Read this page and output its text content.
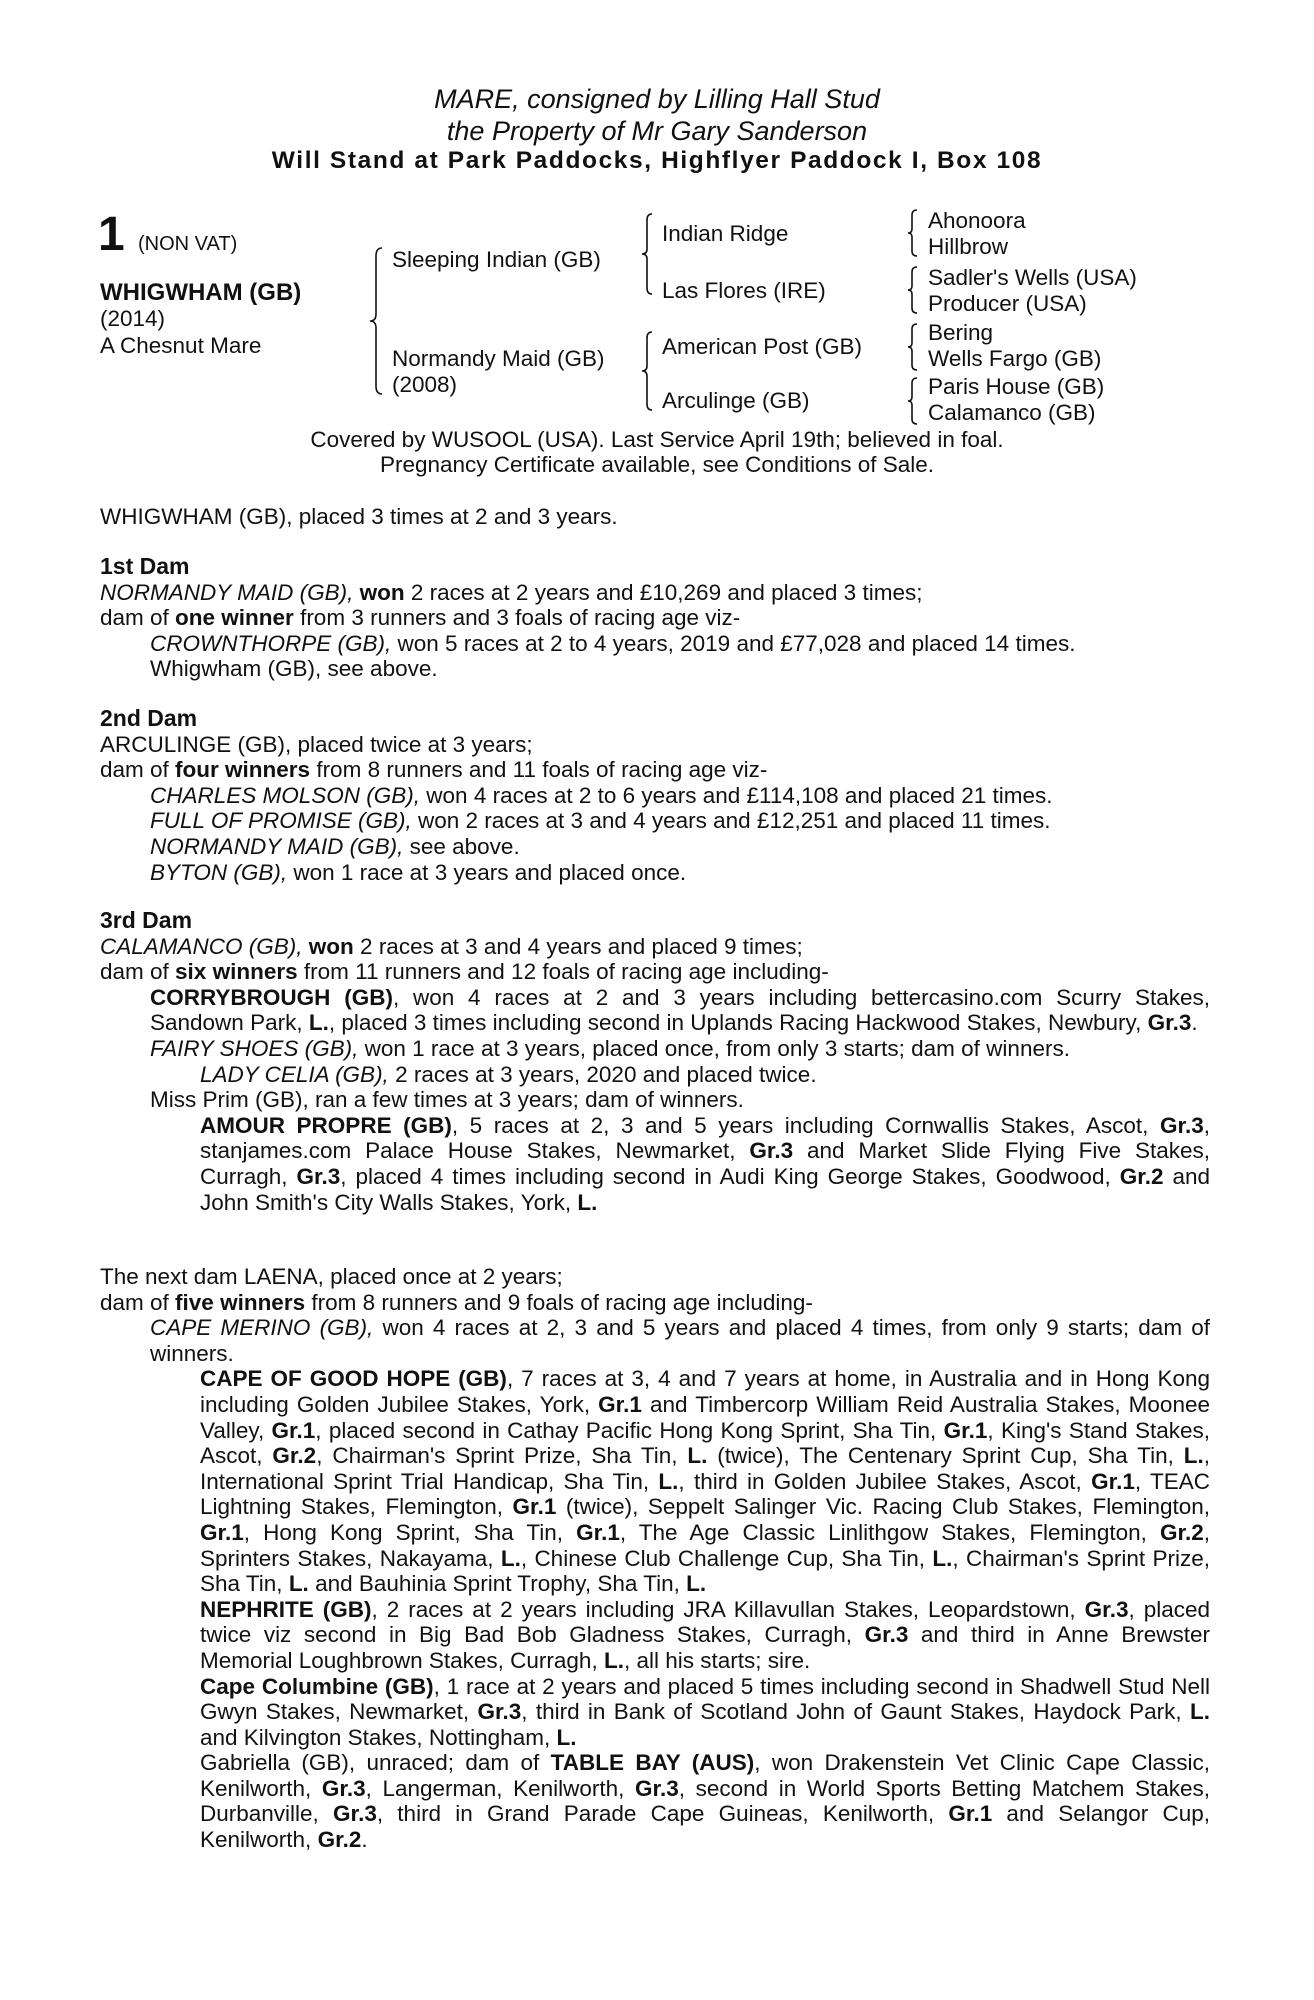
MARE, consigned by Lilling Hall Stud
the Property of Mr Gary Sanderson
Will Stand at Park Paddocks, Highflyer Paddock I, Box 108
1 (NON VAT)
WHIGWHAM (GB)
(2014)
A Chesnut Mare
Sleeping Indian (GB)
Normandy Maid (GB)
(2008)
Indian Ridge
Las Flores (IRE)
American Post (GB)
Arculinge (GB)
Ahonoora
Hillbrow
Sadler's Wells (USA)
Producer (USA)
Bering
Wells Fargo (GB)
Paris House (GB)
Calamanco (GB)
Covered by WUSOOL (USA). Last Service April 19th; believed in foal.
Pregnancy Certificate available, see Conditions of Sale.
WHIGWHAM (GB), placed 3 times at 2 and 3 years.
1st Dam
NORMANDY MAID (GB), won 2 races at 2 years and £10,269 and placed 3 times;
dam of one winner from 3 runners and 3 foals of racing age viz-
CROWNTHORPE (GB), won 5 races at 2 to 4 years, 2019 and £77,028 and placed 14 times.
Whigwham (GB), see above.
2nd Dam
ARCULINGE (GB), placed twice at 3 years;
dam of four winners from 8 runners and 11 foals of racing age viz-
CHARLES MOLSON (GB), won 4 races at 2 to 6 years and £114,108 and placed 21 times.
FULL OF PROMISE (GB), won 2 races at 3 and 4 years and £12,251 and placed 11 times.
NORMANDY MAID (GB), see above.
BYTON (GB), won 1 race at 3 years and placed once.
3rd Dam
CALAMANCO (GB), won 2 races at 3 and 4 years and placed 9 times;
dam of six winners from 11 runners and 12 foals of racing age including-
CORRYBROUGH (GB), won 4 races at 2 and 3 years including bettercasino.com Scurry Stakes, Sandown Park, L., placed 3 times including second in Uplands Racing Hackwood Stakes, Newbury, Gr.3.
FAIRY SHOES (GB), won 1 race at 3 years, placed once, from only 3 starts; dam of winners.
LADY CELIA (GB), 2 races at 3 years, 2020 and placed twice.
Miss Prim (GB), ran a few times at 3 years; dam of winners.
AMOUR PROPRE (GB), 5 races at 2, 3 and 5 years including Cornwallis Stakes, Ascot, Gr.3, stanjames.com Palace House Stakes, Newmarket, Gr.3 and Market Slide Flying Five Stakes, Curragh, Gr.3, placed 4 times including second in Audi King George Stakes, Goodwood, Gr.2 and John Smith's City Walls Stakes, York, L.
The next dam LAENA, placed once at 2 years;
dam of five winners from 8 runners and 9 foals of racing age including-
CAPE MERINO (GB), won 4 races at 2, 3 and 5 years and placed 4 times, from only 9 starts; dam of winners.
CAPE OF GOOD HOPE (GB), 7 races at 3, 4 and 7 years at home, in Australia and in Hong Kong including Golden Jubilee Stakes, York, Gr.1 and Timbercorp William Reid Australia Stakes, Moonee Valley, Gr.1, placed second in Cathay Pacific Hong Kong Sprint, Sha Tin, Gr.1, King's Stand Stakes, Ascot, Gr.2, Chairman's Sprint Prize, Sha Tin, L. (twice), The Centenary Sprint Cup, Sha Tin, L., International Sprint Trial Handicap, Sha Tin, L., third in Golden Jubilee Stakes, Ascot, Gr.1, TEAC Lightning Stakes, Flemington, Gr.1 (twice), Seppelt Salinger Vic. Racing Club Stakes, Flemington, Gr.1, Hong Kong Sprint, Sha Tin, Gr.1, The Age Classic Linlithgow Stakes, Flemington, Gr.2, Sprinters Stakes, Nakayama, L., Chinese Club Challenge Cup, Sha Tin, L., Chairman's Sprint Prize, Sha Tin, L. and Bauhinia Sprint Trophy, Sha Tin, L.
NEPHRITE (GB), 2 races at 2 years including JRA Killavullan Stakes, Leopardstown, Gr.3, placed twice viz second in Big Bad Bob Gladness Stakes, Curragh, Gr.3 and third in Anne Brewster Memorial Loughbrown Stakes, Curragh, L., all his starts; sire.
Cape Columbine (GB), 1 race at 2 years and placed 5 times including second in Shadwell Stud Nell Gwyn Stakes, Newmarket, Gr.3, third in Bank of Scotland John of Gaunt Stakes, Haydock Park, L. and Kilvington Stakes, Nottingham, L.
Gabriella (GB), unraced; dam of TABLE BAY (AUS), won Drakenstein Vet Clinic Cape Classic, Kenilworth, Gr.3, Langerman, Kenilworth, Gr.3, second in World Sports Betting Matchem Stakes, Durbanville, Gr.3, third in Grand Parade Cape Guineas, Kenilworth, Gr.1 and Selangor Cup, Kenilworth, Gr.2.
